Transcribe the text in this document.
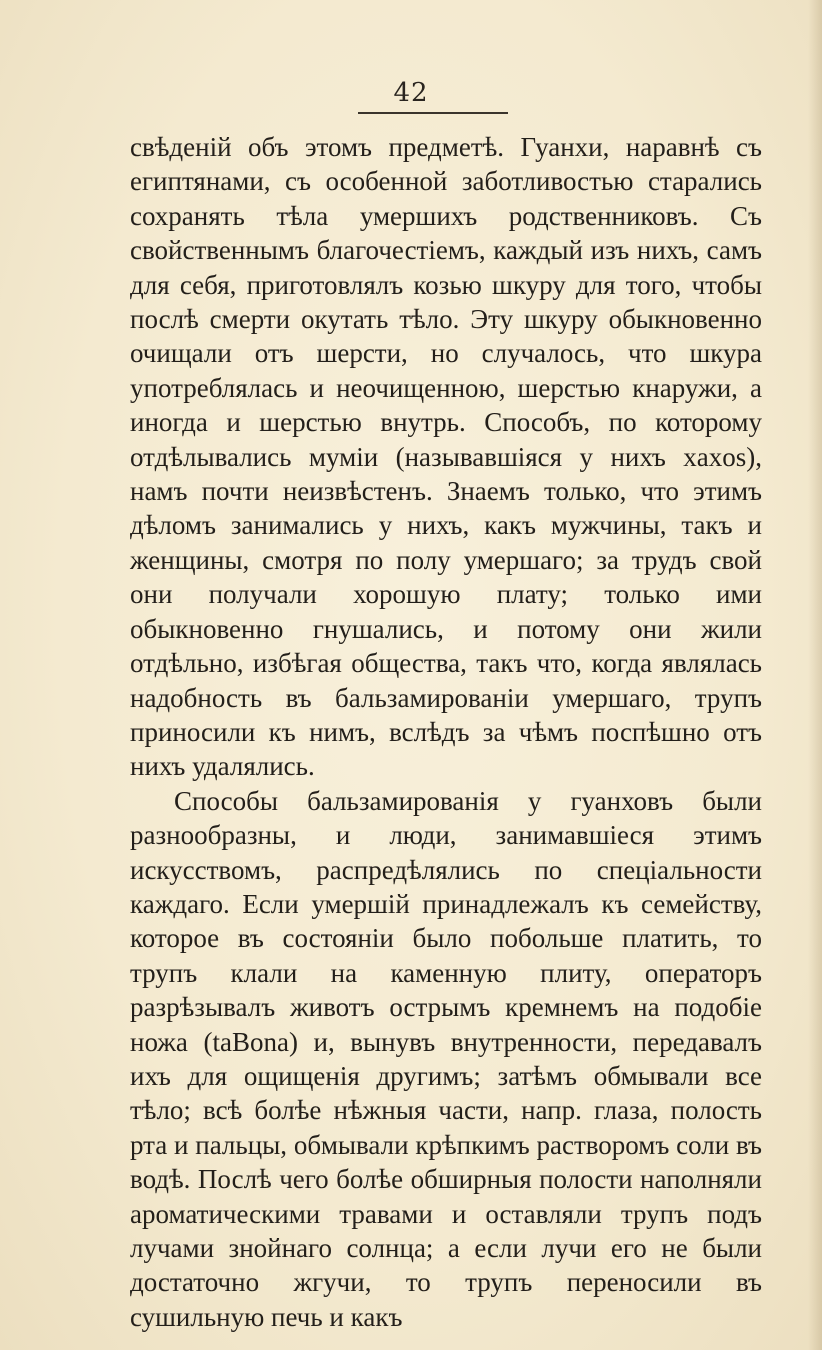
42

свѣденій объ этомъ предметѣ. Гуанхи, наравнѣ съ египтянами, съ особенной заботливостью старались сохранять тѣла умершихъ родственниковъ. Съ свойственнымъ благочестіемъ, каждый изъ нихъ, самъ для себя, приготовлялъ козью шкуру для того, чтобы послѣ смерти окутать тѣло. Эту шкуру обыкновенно очищали отъ шерсти, но случалось, что шкура употреблялась и неочищенною, шерстью кнаружи, а иногда и шерстью внутрь. Способъ, по которому отдѣлывались муміи (называвшіяся у нихъ xaxos), намъ почти неизвѣстенъ. Знаемъ только, что этимъ дѣломъ занимались у нихъ, какъ мужчины, такъ и женщины, смотря по полу умершаго; за трудъ свой они получали хорошую плату; только ими обыкновенно гнушались, и потому они жили отдѣльно, избѣгая общества, такъ что, когда являлась надобность въ бальзамированіи умершаго, трупъ приносили къ нимъ, вслѣдъ за чѣмъ поспѣшно отъ нихъ удалялись.

Способы бальзамированія у гуанховъ были разнообразны, и люди, занимавшіеся этимъ искусствомъ, распредѣлялись по спеціальности каждаго. Если умершій принадлежалъ къ семейству, которое въ состояніи было побольше платить, то трупъ клали на каменную плиту, операторъ разрѣзывалъ животъ острымъ кремнемъ на подобіе ножа (taВona) и, вынувъ внутренности, передавалъ ихъ для ощищенія другимъ; затѣмъ обмывали все тѣло; всѣ болѣе нѣжныя части, напр. глаза, полость рта и пальцы, обмывали крѣпкимъ растворомъ соли въ водѣ. Послѣ чего болѣе обширныя полости наполняли ароматическими травами и оставляли трупъ подъ лучами знойнаго солнца; а если лучи его не были достаточно жгучи, то трупъ переносили въ сушильную печь и какъ
